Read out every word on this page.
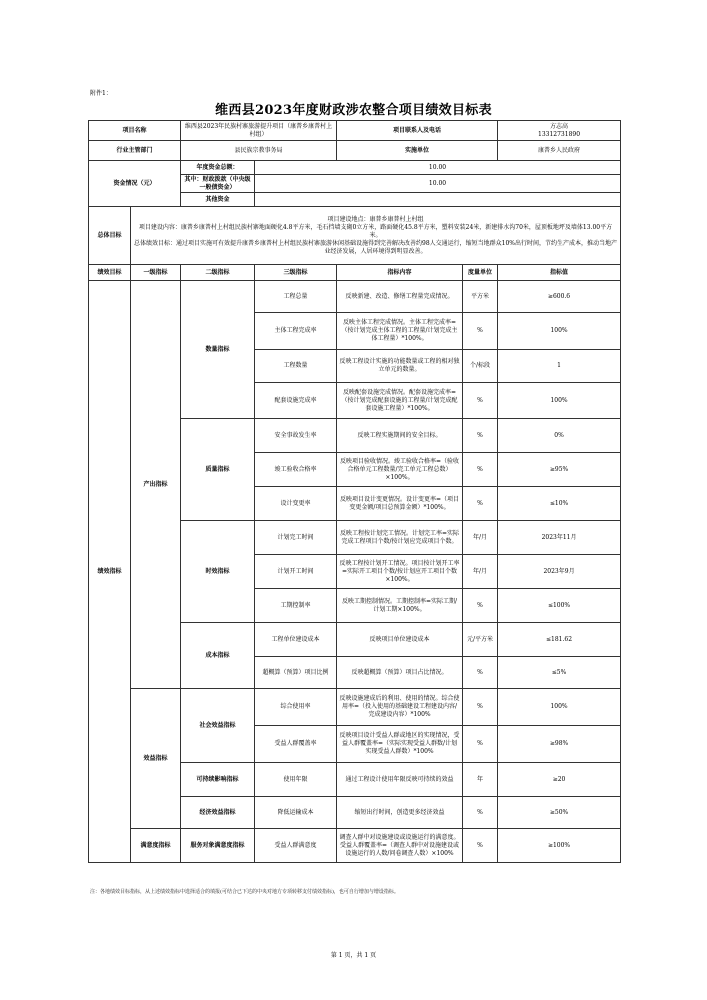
附件1：
维西县2023年度财政涉农整合项目绩效目标表
项目名称		维西县2023年民族村寨旅游提升项目（康普乡康普村上村组）		项目联系人及电话		方志高
13312731890
行业主管部门		县民族宗教事务局		实施单位		康普乡人民政府
资金情况（元）		年度资金总额：	10.00			
		其中：财政拨款（中央级一般债资金）	10.00			
		其他资金				
总体目标	项目建设地点：康普乡康普村上村组
项目建设内容：康普乡康普村上村组民族村寨地面硬化4.8平方米，毛石挡墙支砌0立方米，路面硬化45.8平方米，塑料安装24米，新建排水沟70米，屋顶板地坪及墙体13.00平方米。
总体绩效目标：通过项目实施可有效提升康普乡康普村上村组民族村寨旅游休闲基础设施得到完善解决改善约98人交通运行，缩短当地群众10%出行时间，节约生产成本，推动当地产业经济发展，人居环境得到明显改善。					

绩效目标	一级指标	二级指标	三级指标	指标内容	度量单位	指标值
绩效指标	产出指标	数量指标	工程总量	反映新建、改造、修缮工程量完成情况。	平方米	≥600.6
			主体工程完成率	反映主体工程完成情况。主体工程完成率=（按计划完成主体工程的工程量/计划完成主体工程量）*100%。	%	100%
			工程数量	反映工程设计实施的功能数量或工程的相对独立单元的数量。	个/标段	1
			配套设施完成率	反映配套设施完成情况。配套设施完成率=（按计划完成配套设施的工程量/计划完成配套设施工程量）*100%。	%	100%
		质量指标	安全事故发生率	反映工程实施期间的安全目标。	%	0%
			竣工验收合格率	反映项目验收情况。竣工验收合格率=（验收合格单元工程数量/完工单元工程总数）×100%。	%	≥95%
			设计变更率	反映项目设计变更情况。设计变更率=（项目变更金额/项目总预算金额）*100%。	%	≤10%
		时效指标	计划完工时间	反映工程按计划完工情况。计划完工率=实际完成工程项目个数/按计划应完成项目个数。	年/月	2023年11月
			计划开工时间	反映工程按计划开工情况。项目按计划开工率=实际开工项目个数/按计划应开工项目个数×100%。	年/月	2023年9月
			工期控制率	反映工期控制情况。工期控制率=实际工期/计划工期×100%。	%	≤100%
		成本指标	工程单位建设成本	反映项目单位建设成本	元/平方米	≤181.62
			超概算（预算）项目比例	反映超概算（预算）项目占比情况。	%	≤5%
	效益指标	社会效益指标	综合使用率	反映设施建成后的利用、使用的情况。综合使用率=（投入使用的基础建设工程建设内容/完成建设内容）*100%	%	100%
			受益人群覆盖率	反映项目设计受益人群或地区的实现情况，受益人群覆盖率=（实际实现受益人群数/计划实现受益人群数）*100%	%	≥98%
		可持续影响指标	使用年限	通过工程设计使用年限反映可持续的效益	年	≥20
		经济效益指标	降低运输成本	缩短出行时间，创造更多经济效益	%	≥50%
	满意度指标	服务对象满意度指标	受益人群满意度	调查人群中对设施建设或设施运行的满意度。受益人群覆盖率=（调查人群中对设施建设或设施运行的人数/问卷调查人数）×100%	%	≥100%
注：各地绩效目标指标，从上述绩效指标中选择适合的填报(可结合已下达的中央对地方专项转移支付绩效指标)，也可自行增加与增设指标。
第 1 页，共 1 页
